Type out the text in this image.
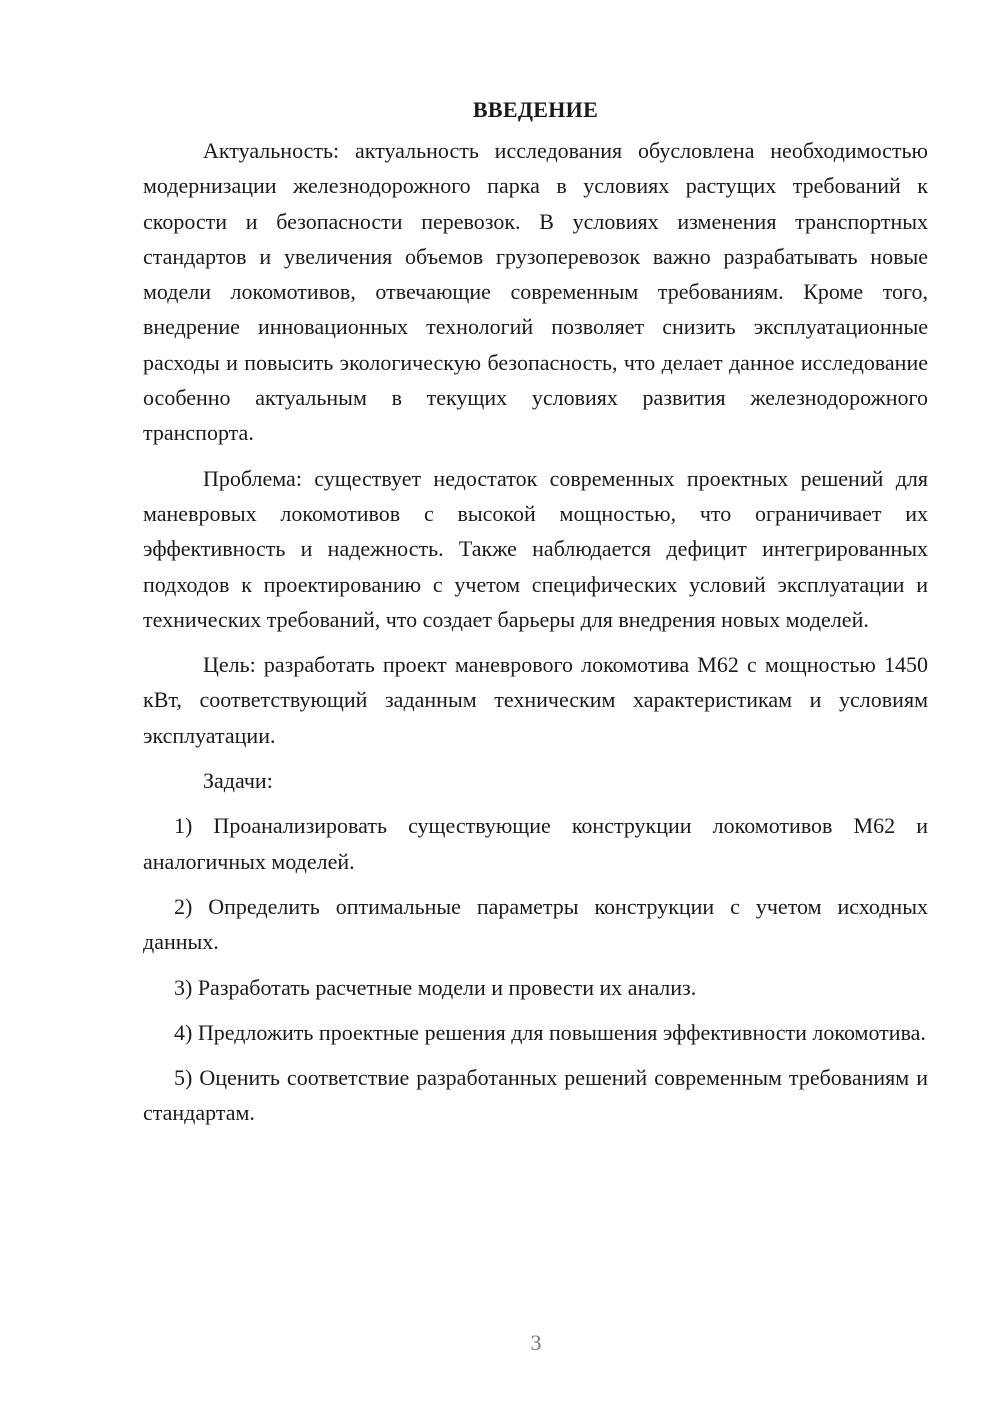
ВВЕДЕНИЕ

Актуальность: актуальность исследования обусловлена необходимостью модернизации железнодорожного парка в условиях растущих требований к скорости и безопасности перевозок. В условиях изменения транспортных стандартов и увеличения объемов грузоперевозок важно разрабатывать новые модели локомотивов, отвечающие современным требованиям. Кроме того, внедрение инновационных технологий позволяет снизить эксплуатационные расходы и повысить экологическую безопасность, что делает данное исследование особенно актуальным в текущих условиях развития железнодорожного транспорта.

Проблема: существует недостаток современных проектных решений для маневровых локомотивов с высокой мощностью, что ограничивает их эффективность и надежность. Также наблюдается дефицит интегрированных подходов к проектированию с учетом специфических условий эксплуатации и технических требований, что создает барьеры для внедрения новых моделей.

Цель: разработать проект маневрового локомотива М62 с мощностью 1450 кВт, соответствующий заданным техническим характеристикам и условиям эксплуатации.

Задачи:

1) Проанализировать существующие конструкции локомотивов М62 и аналогичных моделей.

2) Определить оптимальные параметры конструкции с учетом исходных данных.

3) Разработать расчетные модели и провести их анализ.

4) Предложить проектные решения для повышения эффективности локомотива.

5) Оценить соответствие разработанных решений современным требованиям и стандартам.

3
